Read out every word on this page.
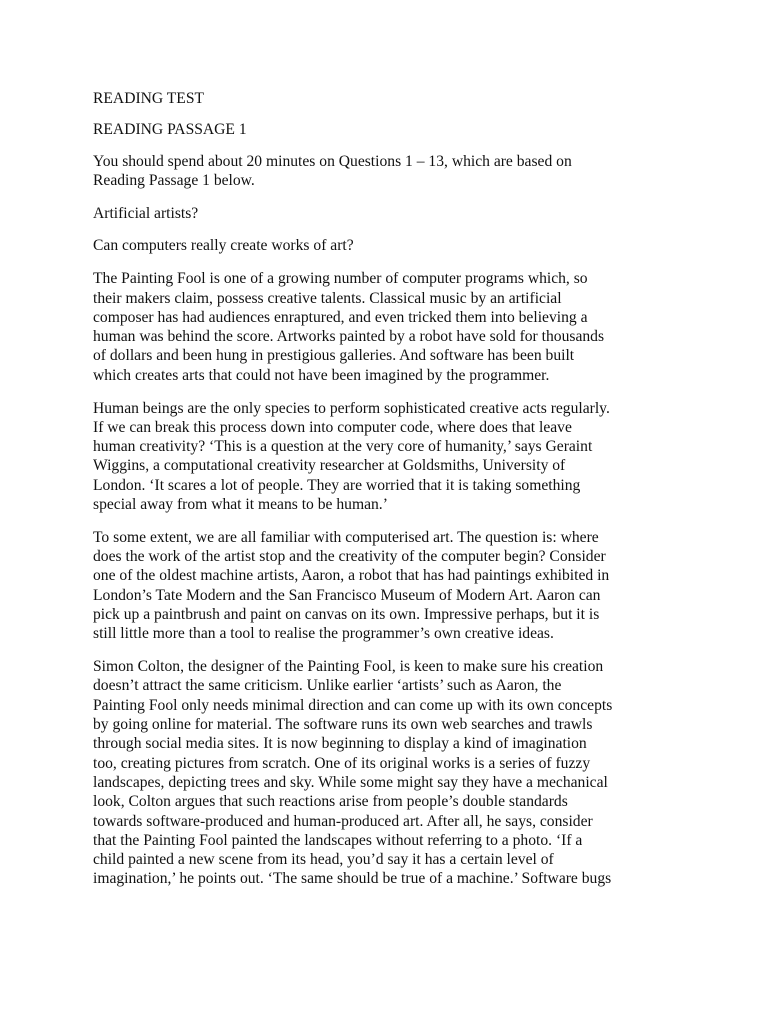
READING TEST
READING PASSAGE 1
You should spend about 20 minutes on Questions 1 – 13, which are based on
Reading Passage 1 below.
Artificial artists?
Can computers really create works of art?
The Painting Fool is one of a growing number of computer programs which, so
their makers claim, possess creative talents. Classical music by an artificial
composer has had audiences enraptured, and even tricked them into believing a
human was behind the score. Artworks painted by a robot have sold for thousands
of dollars and been hung in prestigious galleries. And software has been built
which creates arts that could not have been imagined by the programmer.
Human beings are the only species to perform sophisticated creative acts regularly.
If we can break this process down into computer code, where does that leave
human creativity? ‘This is a question at the very core of humanity,’ says Geraint
Wiggins, a computational creativity researcher at Goldsmiths, University of
London. ‘It scares a lot of people. They are worried that it is taking something
special away from what it means to be human.’
To some extent, we are all familiar with computerised art. The question is: where
does the work of the artist stop and the creativity of the computer begin? Consider
one of the oldest machine artists, Aaron, a robot that has had paintings exhibited in
London’s Tate Modern and the San Francisco Museum of Modern Art. Aaron can
pick up a paintbrush and paint on canvas on its own. Impressive perhaps, but it is
still little more than a tool to realise the programmer’s own creative ideas.
Simon Colton, the designer of the Painting Fool, is keen to make sure his creation
doesn’t attract the same criticism. Unlike earlier ‘artists’ such as Aaron, the
Painting Fool only needs minimal direction and can come up with its own concepts
by going online for material. The software runs its own web searches and trawls
through social media sites. It is now beginning to display a kind of imagination
too, creating pictures from scratch. One of its original works is a series of fuzzy
landscapes, depicting trees and sky. While some might say they have a mechanical
look, Colton argues that such reactions arise from people’s double standards
towards software-produced and human-produced art. After all, he says, consider
that the Painting Fool painted the landscapes without referring to a photo. ‘If a
child painted a new scene from its head, you’d say it has a certain level of
imagination,’ he points out. ‘The same should be true of a machine.’ Software bugs
